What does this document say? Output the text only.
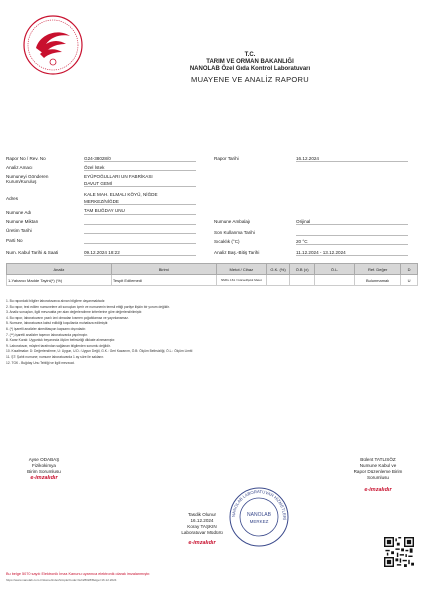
T.C.
TARIM VE ORMAN BAKANLIĞI
NANOLAB Özel Gıda Kontrol Laboratuvarı
MUAYENE VE ANALİZ RAPORU
Rapor No / Rev. No	G24-38028/0	Rapor Tarihi	16.12.2024
Analiz Amacı	Özel İstek
Numuneyi Gönderen Kurum/Kuruluş
EYÜPOĞULLARI UN FABRİKASI
DAVUT GEMİ
Adres
KALE MAH. ELMALI KÖYÜ, NİĞDE
MERKEZ/NİĞDE
Numune Adı	TAM BUĞDAY UNU
Numune Miktarı	Numune Ambalajı	Orijinal
Üretim Tarihi	Son Kullanma Tarihi
Parti No	Sıcaklık (°C)	20 °C
Num. Kabul Tarihi & Saati	09.12.2024 18:22	Analiz Baş.-Bitiş Tarihi	11.12.2024 - 13.12.2024
Analiz	Birimi	Metot / Cihaz	G.K. (%)	Ö.B (±)	Ö.L.	Ref. Değer	D
1-Yabancı Madde Tayini(*) (%)	Tespit Edilemedi	NMKL 161 / Görsel/Işıklı Metot				Bulunmamalı	U
1. Bu rapordaki bilgiler laboratuvarca alınan bilgilere dayanmaktadır.
2. Bu rapor, test edilen numunelere ait sonuçları içerir ve numunenin temsil ettiği partiye ilişkin bir yorum değildir.
3. Analiz sonuçları, ilgili mevzuatta yer alan değerlendirme kriterlerine göre değerlendirilmiştir.
4. Bu rapor, laboratuvarın yazılı izni olmadan kısmen çoğaltılamaz ve yayınlanamaz.
5. Numune, laboratuvara kabul edildiği koşullarda muhafaza edilmiştir.
6. (*) işaretli analizler akreditasyon kapsamı dışındadır.
7. (**) işaretli analizler taşeron laboratuvarda yapılmıştır.
8. Karar Kuralı: Uygunluk beyanında ölçüm belirsizliği dikkate alınmamıştır.
9. Laboratuvar, müşteri tarafından sağlanan bilgilerden sorumlu değildir.
10. Kısaltmalar: D: Değerlendirme, U: Uygun, U.D.: Uygun Değil, G.K.: Geri Kazanım, Ö.B: Ölçüm Belirsizliği, Ö.L.: Ölçüm Limiti
11. ŞT: Şahit numune; numune laboratuvarda 1 ay süre ile saklanır.
12. TGK - Buğday Unu Tebliği ve ilgili mevzuat.
Ayse ODABAŞ
Fizikokimya
Birim Sorumlusu
e-imzalıdır
Bülent TATLISÖZ
Numune Kabul ve
Rapor Düzenleme Birim
Sorumlusu
e-imzalıdır
Tasdik Olunur
16.12.2024
Koray TAŞKIN
Laboratuvar Müdürü
e-imzalıdır
NANOLAB LABORATUVAR HİZMETLERİ
NANOLAB
MERKEZ
Bu belge 5070 sayılı Elektronik İmza Kanunu uyarınca elektronik olarak imzalanmıştır.
https://www.nanolab.com.tr/Home/IndexSimple/Code=G24/8028/Belge=16.12.2024
